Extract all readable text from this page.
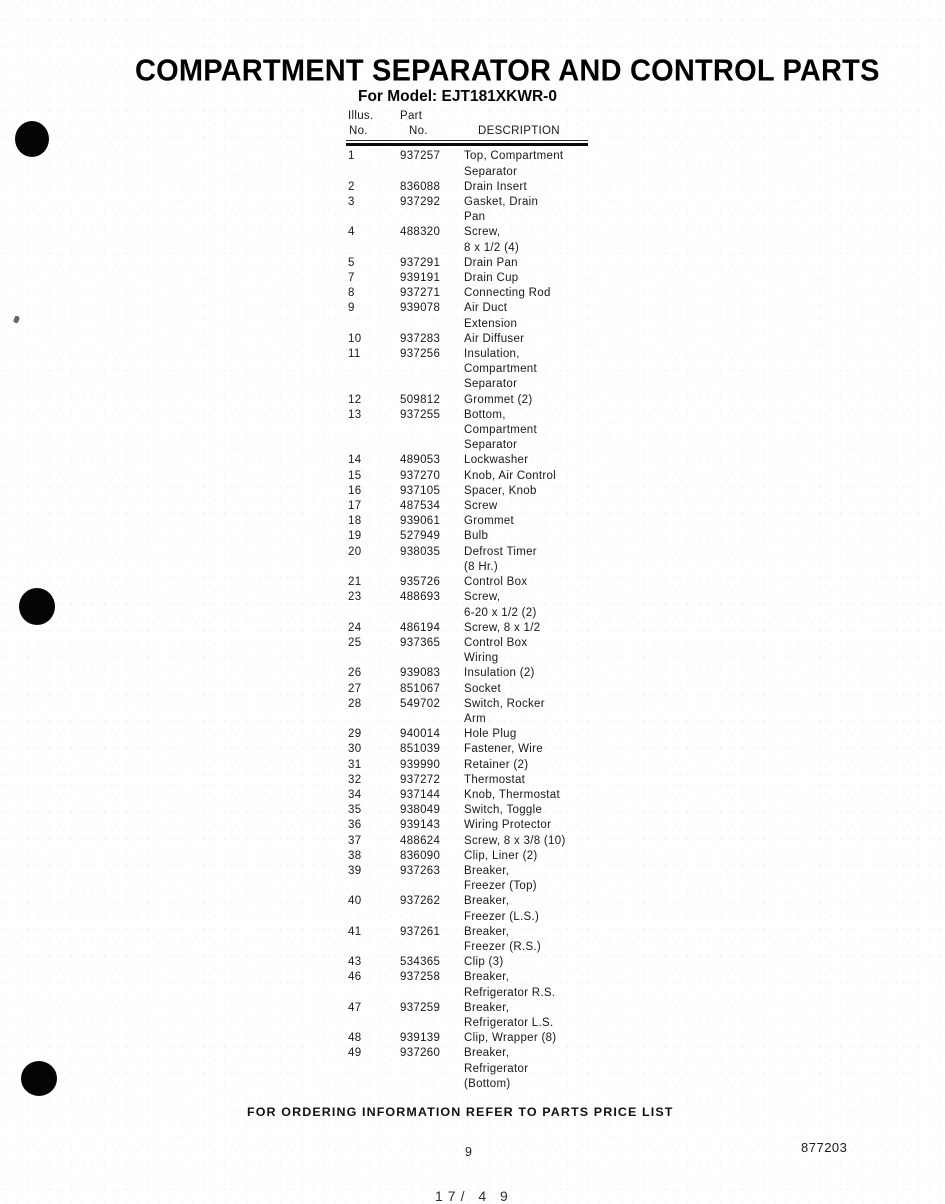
COMPARTMENT SEPARATOR AND CONTROL PARTS
For Model: EJT181XKWR-0
Illus.	Part
No.	No.	DESCRIPTION
1	937257	Top, Compartment
Separator
2	836088	Drain Insert
3	937292	Gasket, Drain
Pan
4	488320	Screw,
8 x 1/2 (4)
5	937291	Drain Pan
7	939191	Drain Cup
8	937271	Connecting Rod
9	939078	Air Duct
Extension
10	937283	Air Diffuser
11	937256	Insulation,
Compartment
Separator
12	509812	Grommet (2)
13	937255	Bottom,
Compartment
Separator
14	489053	Lockwasher
15	937270	Knob, Air Control
16	937105	Spacer, Knob
17	487534	Screw
18	939061	Grommet
19	527949	Bulb
20	938035	Defrost Timer
(8 Hr.)
21	935726	Control Box
23	488693	Screw,
6-20 x 1/2 (2)
24	486194	Screw, 8 x 1/2
25	937365	Control Box
Wiring
26	939083	Insulation (2)
27	851067	Socket
28	549702	Switch, Rocker
Arm
29	940014	Hole Plug
30	851039	Fastener, Wire
31	939990	Retainer (2)
32	937272	Thermostat
34	937144	Knob, Thermostat
35	938049	Switch, Toggle
36	939143	Wiring Protector
37	488624	Screw, 8 x 3/8 (10)
38	836090	Clip, Liner (2)
39	937263	Breaker,
Freezer (Top)
40	937262	Breaker,
Freezer (L.S.)
41	937261	Breaker,
Freezer (R.S.)
43	534365	Clip (3)
46	937258	Breaker,
Refrigerator R.S.
47	937259	Breaker,
Refrigerator L.S.
48	939139	Clip, Wrapper (8)
49	937260	Breaker,
Refrigerator
(Bottom)
FOR ORDERING INFORMATION REFER TO PARTS PRICE LIST
9	877203
17/ 4 9
